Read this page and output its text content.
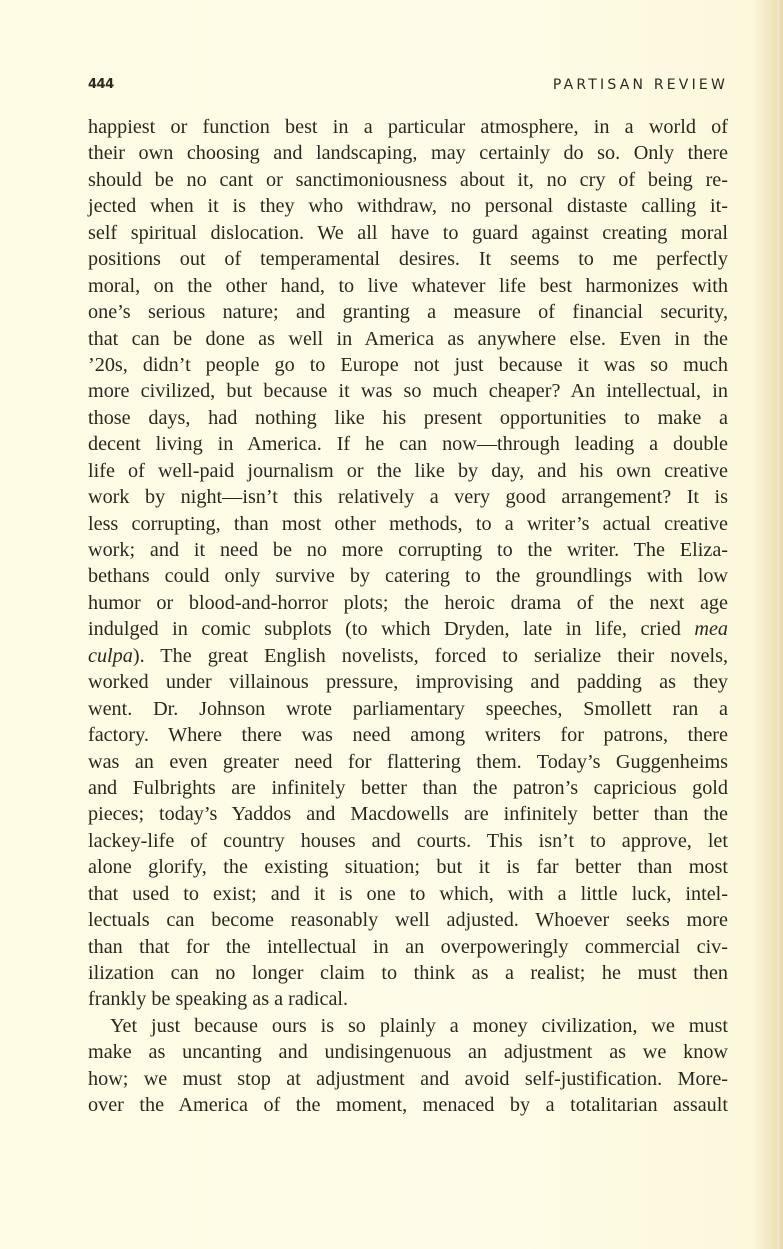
444	PARTISAN REVIEW
happiest or function best in a particular atmosphere, in a world of
their own choosing and landscaping, may certainly do so. Only there
should be no cant or sanctimoniousness about it, no cry of being re-
jected when it is they who withdraw, no personal distaste calling it-
self spiritual dislocation. We all have to guard against creating moral
positions out of temperamental desires. It seems to me perfectly
moral, on the other hand, to live whatever life best harmonizes with
one’s serious nature; and granting a measure of financial security,
that can be done as well in America as anywhere else. Even in the
’20s, didn’t people go to Europe not just because it was so much
more civilized, but because it was so much cheaper? An intellectual, in
those days, had nothing like his present opportunities to make a
decent living in America. If he can now—through leading a double
life of well-paid journalism or the like by day, and his own creative
work by night—isn’t this relatively a very good arrangement? It is
less corrupting, than most other methods, to a writer’s actual creative
work; and it need be no more corrupting to the writer. The Eliza-
bethans could only survive by catering to the groundlings with low
humor or blood-and-horror plots; the heroic drama of the next age
indulged in comic subplots (to which Dryden, late in life, cried mea
culpa). The great English novelists, forced to serialize their novels,
worked under villainous pressure, improvising and padding as they
went. Dr. Johnson wrote parliamentary speeches, Smollett ran a
factory. Where there was need among writers for patrons, there
was an even greater need for flattering them. Today’s Guggenheims
and Fulbrights are infinitely better than the patron’s capricious gold
pieces; today’s Yaddos and Macdowells are infinitely better than the
lackey-life of country houses and courts. This isn’t to approve, let
alone glorify, the existing situation; but it is far better than most
that used to exist; and it is one to which, with a little luck, intel-
lectuals can become reasonably well adjusted. Whoever seeks more
than that for the intellectual in an overpoweringly commercial civ-
ilization can no longer claim to think as a realist; he must then
frankly be speaking as a radical.
Yet just because ours is so plainly a money civilization, we must
make as uncanting and undisingenuous an adjustment as we know
how; we must stop at adjustment and avoid self-justification. More-
over the America of the moment, menaced by a totalitarian assault
